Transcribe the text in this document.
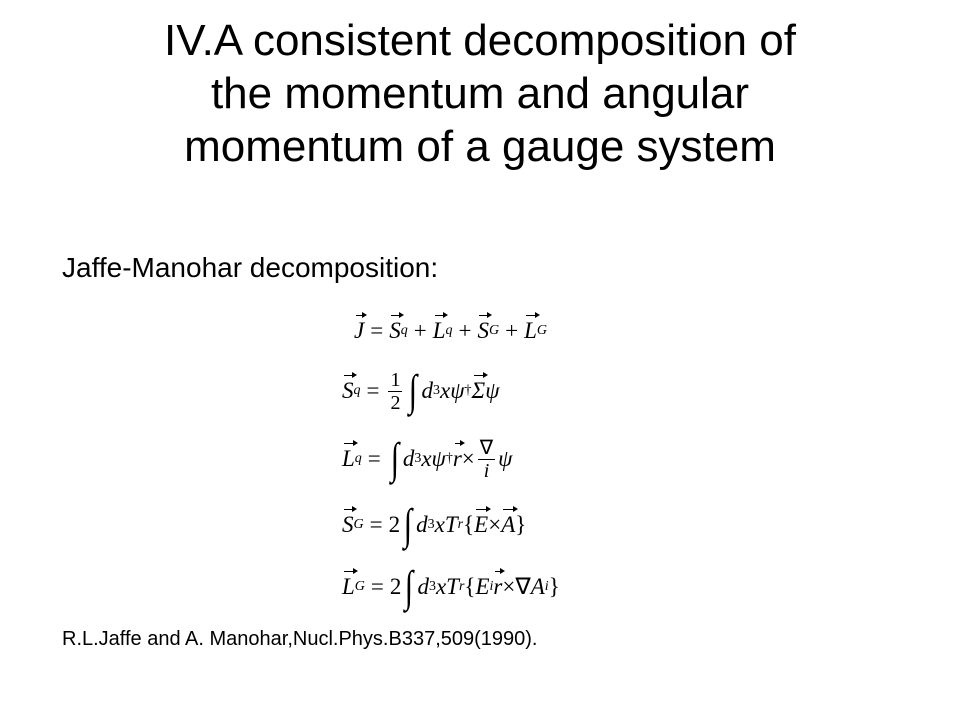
IV.A consistent decomposition of
the momentum and angular
momentum of a gauge system
Jaffe-Manohar decomposition:
J = S q + L q + S G + L G
S $q = \frac{1}{2}$ ∫ d 3 xψ † Σ ψ
L q = ∫ d 3 xψ † $r \times \frac{\nabla}{i}$ ψ
S G = 2 ∫ d 3 xT r { E × A }
L G = 2 ∫ d 3 xT r { E i r ×∇ A i }
R.L.Jaffe and A. Manohar,Nucl.Phys.B337,509(1990).
